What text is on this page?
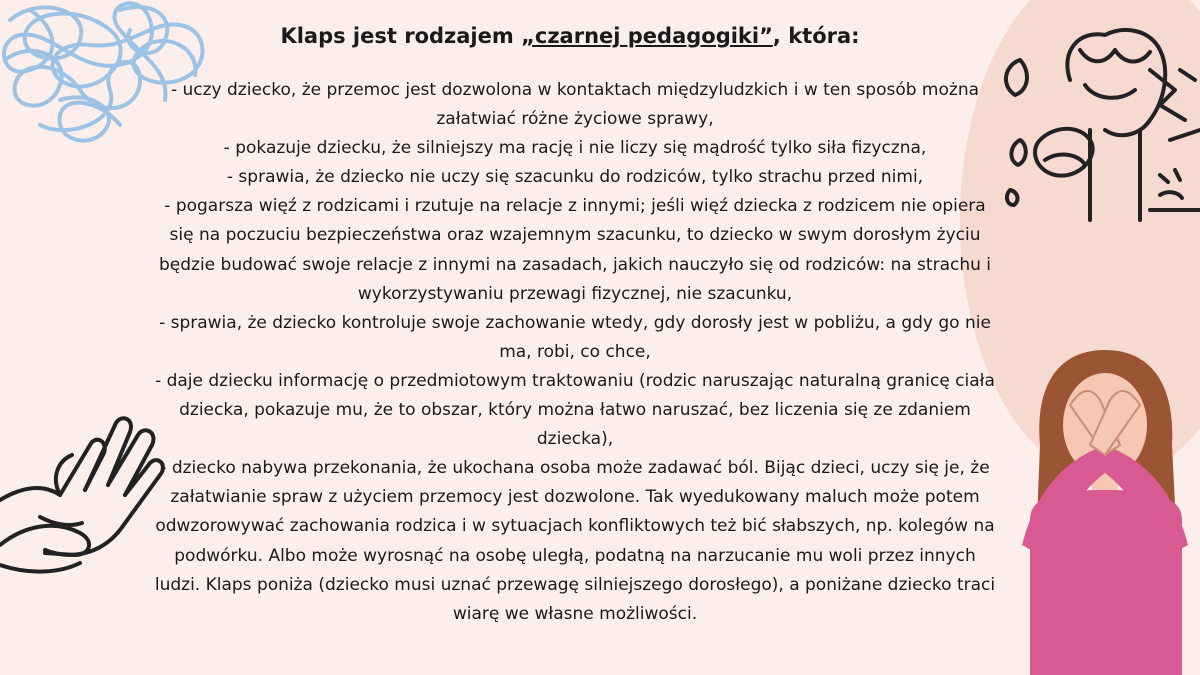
Klaps jest rodzajem „czarnej pedagogiki”, która:

- uczy dziecko, że przemoc jest dozwolona w kontaktach międzyludzkich i w ten sposób można załatwiać różne życiowe sprawy,

- pokazuje dziecku, że silniejszy ma rację i nie liczy się mądrość tylko siła fizyczna,

- sprawia, że dziecko nie uczy się szacunku do rodziców, tylko strachu przed nimi,

- pogarsza więź z rodzicami i rzutuje na relacje z innymi; jeśli więź dziecka z rodzicem nie opiera się na poczuciu bezpieczeństwa oraz wzajemnym szacunku, to dziecko w swym dorosłym życiu będzie budować swoje relacje z innymi na zasadach, jakich nauczyło się od rodziców: na strachu i wykorzystywaniu przewagi fizycznej, nie szacunku,

- sprawia, że dziecko kontroluje swoje zachowanie wtedy, gdy dorosły jest w pobliżu, a gdy go nie ma, robi, co chce,

- daje dziecku informację o przedmiotowym traktowaniu (rodzic naruszając naturalną granicę ciała dziecka, pokazuje mu, że to obszar, który można łatwo naruszać, bez liczenia się ze zdaniem dziecka),

- dziecko nabywa przekonania, że ukochana osoba może zadawać ból. Bijąc dzieci, uczy się je, że załatwianie spraw z użyciem przemocy jest dozwolone. Tak wyedukowany maluch może potem odwzorowywać zachowania rodzica i w sytuacjach konfliktowych też bić słabszych, np. kolegów na podwórku. Albo może wyrosnąć na osobę uległą, podatną na narzucanie mu woli przez innych ludzi. Klaps poniża (dziecko musi uznać przewagę silniejszego dorosłego), a poniżane dziecko traci wiarę we własne możliwości.
